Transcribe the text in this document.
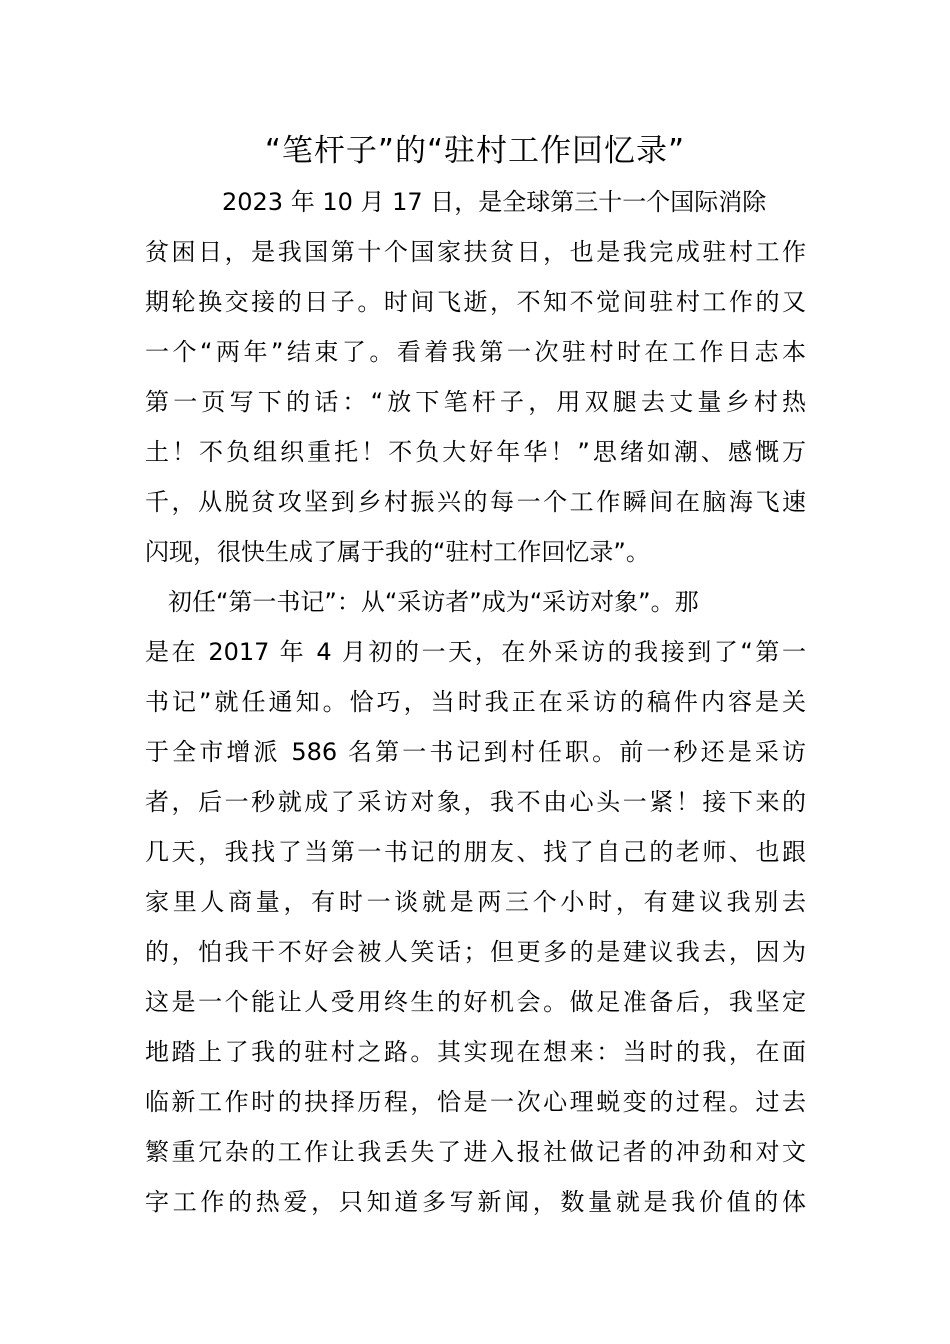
“笔杆子”的“驻村工作回忆录”
2023 年 10 月 17 日，是全球第三十一个国际消除
贫困日，是我国第十个国家扶贫日，也是我完成驻村工作
期轮换交接的日子。时间飞逝，不知不觉间驻村工作的又
一个“两年”结束了。看着我第一次驻村时在工作日志本
第一页写下的话：“放下笔杆子，用双腿去丈量乡村热
土！不负组织重托！不负大好年华！”思绪如潮、感慨万
千，从脱贫攻坚到乡村振兴的每一个工作瞬间在脑海飞速
闪现，很快生成了属于我的“驻村工作回忆录”。
初任“第一书记”：从“采访者”成为“采访对象”。那
是在 2017 年 4 月初的一天，在外采访的我接到了“第一
书记”就任通知。恰巧，当时我正在采访的稿件内容是关
于全市增派 586 名第一书记到村任职。前一秒还是采访
者，后一秒就成了采访对象，我不由心头一紧！接下来的
几天，我找了当第一书记的朋友、找了自己的老师、也跟
家里人商量，有时一谈就是两三个小时，有建议我别去
的，怕我干不好会被人笑话；但更多的是建议我去，因为
这是一个能让人受用终生的好机会。做足准备后，我坚定
地踏上了我的驻村之路。其实现在想来：当时的我，在面
临新工作时的抉择历程，恰是一次心理蜕变的过程。过去
繁重冗杂的工作让我丢失了进入报社做记者的冲劲和对文
字工作的热爱，只知道多写新闻，数量就是我价值的体
